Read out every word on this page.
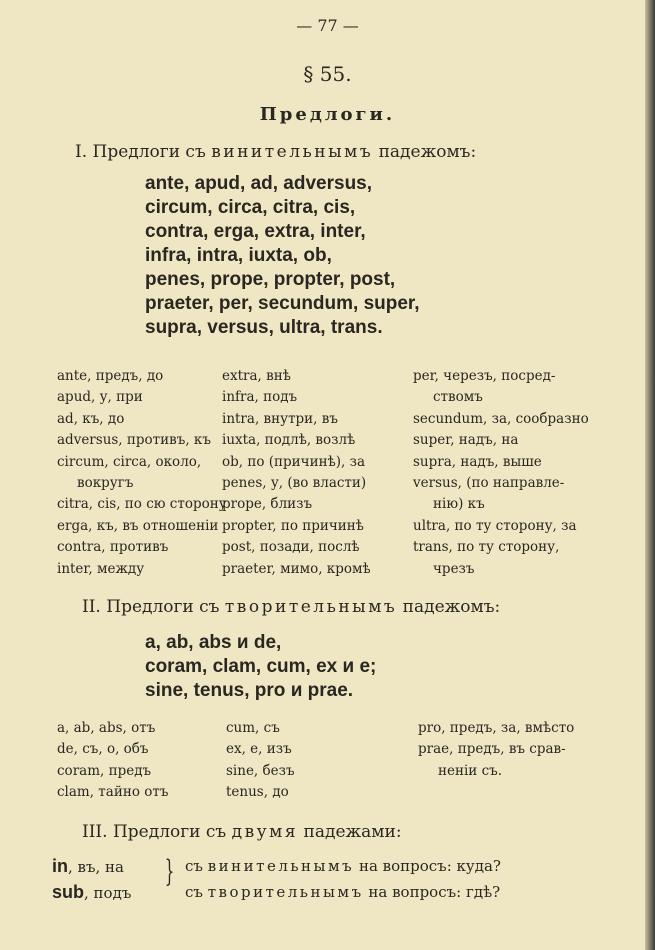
— 77 —
§ 55.
Предлоги.
I. Предлоги съ винительнымъ падежомъ:
ante, apud, ad, adversus,
circum, circa, citra, cis,
contra, erga, extra, inter,
infra, intra, iuxta, ob,
penes, prope, propter, post,
praeter, per, secundum, super,
supra, versus, ultra, trans.
ante, предъ, до
apud, у, при
ad, къ, до
adversus, противъ, къ
circum, circa, около,
вокругъ
citra, cis, по сю сторону
erga, къ, въ отношеніи
contra, противъ
inter, между
extra, внѣ
infra, подъ
intra, внутри, въ
iuxta, подлѣ, возлѣ
ob, по (причинѣ), за
penes, у, (во власти)
prope, близъ
propter, по причинѣ
post, позади, послѣ
praeter, мимо, кромѣ
per, черезъ, посред-
ствомъ
secundum, за, сообразно
super, надъ, на
supra, надъ, выше
versus, (по направле-
нію) къ
ultra, по ту сторону, за
trans, по ту сторону,
чрезъ
II. Предлоги съ творительнымъ падежомъ:
a, ab, abs и de,
coram, clam, cum, ex и e;
sine, tenus, pro и prae.
a, ab, abs, отъ
de, съ, о, объ
coram, предъ
clam, тайно отъ
cum, съ
ex, e, изъ
sine, безъ
tenus, до
pro, предъ, за, вмѣсто
prae, предъ, въ срав-
неніи съ.
III. Предлоги съ двумя падежами:
}
in, въ, на
sub, подъ
съ винительнымъ на вопросъ: куда?
съ творительнымъ на вопросъ: гдѣ?
